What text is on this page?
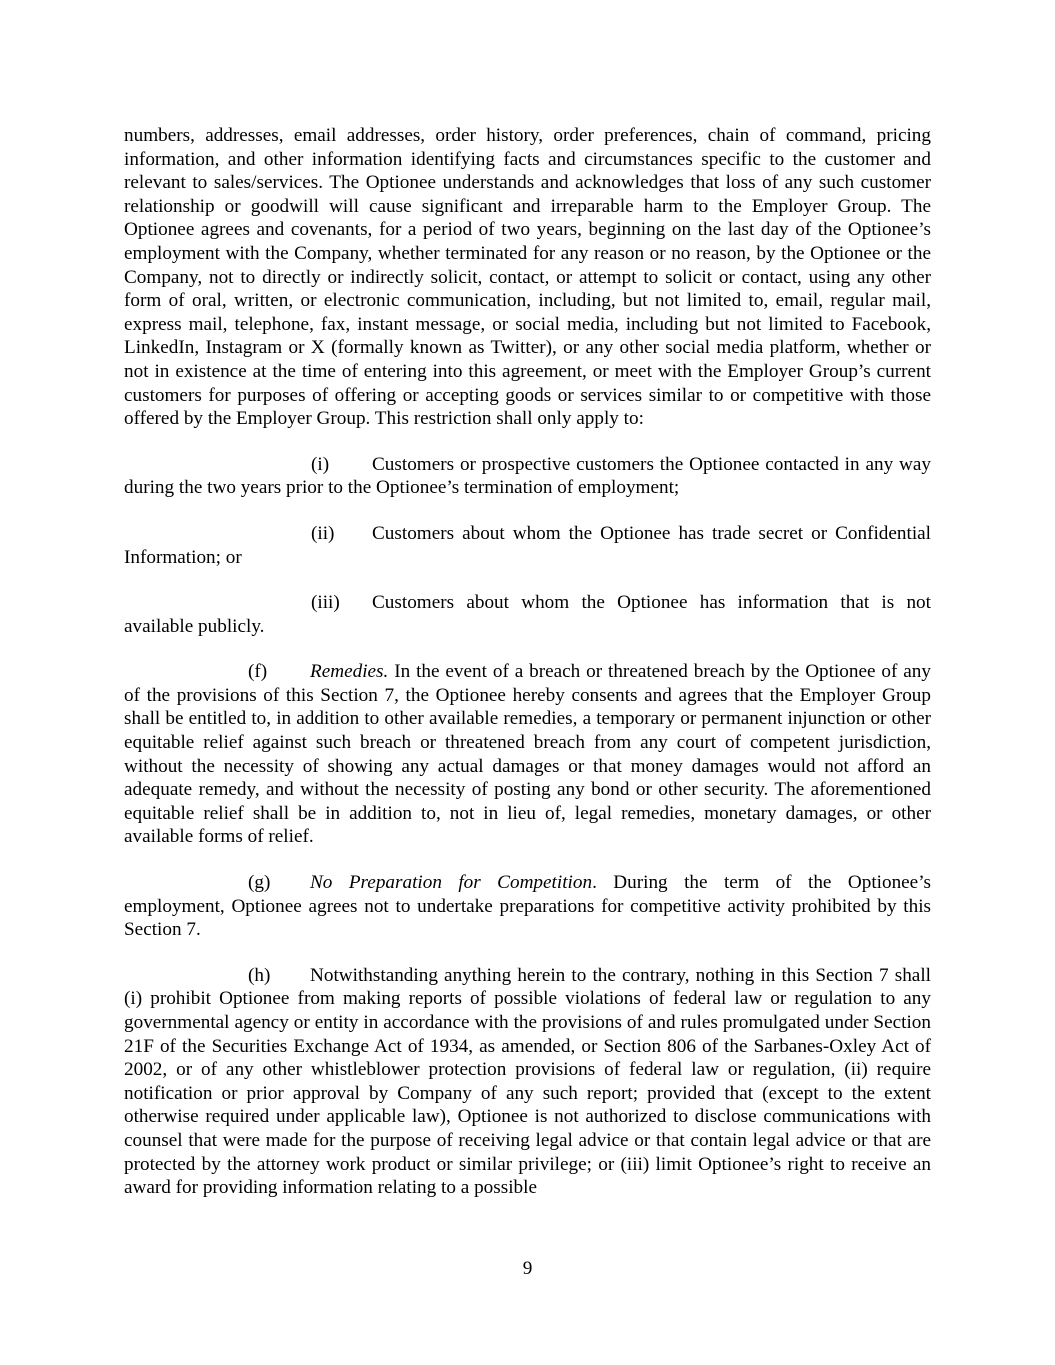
numbers, addresses, email addresses, order history, order preferences, chain of command, pricing information, and other information identifying facts and circumstances specific to the customer and relevant to sales/services. The Optionee understands and acknowledges that loss of any such customer relationship or goodwill will cause significant and irreparable harm to the Employer Group. The Optionee agrees and covenants, for a period of two years, beginning on the last day of the Optionee’s employment with the Company, whether terminated for any reason or no reason, by the Optionee or the Company, not to directly or indirectly solicit, contact, or attempt to solicit or contact, using any other form of oral, written, or electronic communication, including, but not limited to, email, regular mail, express mail, telephone, fax, instant message, or social media, including but not limited to Facebook, LinkedIn, Instagram or X (formally known as Twitter), or any other social media platform, whether or not in existence at the time of entering into this agreement, or meet with the Employer Group’s current customers for purposes of offering or accepting goods or services similar to or competitive with those offered by the Employer Group. This restriction shall only apply to:

(i) Customers or prospective customers the Optionee contacted in any way during the two years prior to the Optionee’s termination of employment;

(ii) Customers about whom the Optionee has trade secret or Confidential Information; or

(iii) Customers about whom the Optionee has information that is not available publicly.

(f) Remedies. In the event of a breach or threatened breach by the Optionee of any of the provisions of this Section 7, the Optionee hereby consents and agrees that the Employer Group shall be entitled to, in addition to other available remedies, a temporary or permanent injunction or other equitable relief against such breach or threatened breach from any court of competent jurisdiction, without the necessity of showing any actual damages or that money damages would not afford an adequate remedy, and without the necessity of posting any bond or other security. The aforementioned equitable relief shall be in addition to, not in lieu of, legal remedies, monetary damages, or other available forms of relief.

(g) No Preparation for Competition. During the term of the Optionee’s employment, Optionee agrees not to undertake preparations for competitive activity prohibited by this Section 7.

(h) Notwithstanding anything herein to the contrary, nothing in this Section 7 shall (i) prohibit Optionee from making reports of possible violations of federal law or regulation to any governmental agency or entity in accordance with the provisions of and rules promulgated under Section 21F of the Securities Exchange Act of 1934, as amended, or Section 806 of the Sarbanes-Oxley Act of 2002, or of any other whistleblower protection provisions of federal law or regulation, (ii) require notification or prior approval by Company of any such report; provided that (except to the extent otherwise required under applicable law), Optionee is not authorized to disclose communications with counsel that were made for the purpose of receiving legal advice or that contain legal advice or that are protected by the attorney work product or similar privilege; or (iii) limit Optionee’s right to receive an award for providing information relating to a possible

9
